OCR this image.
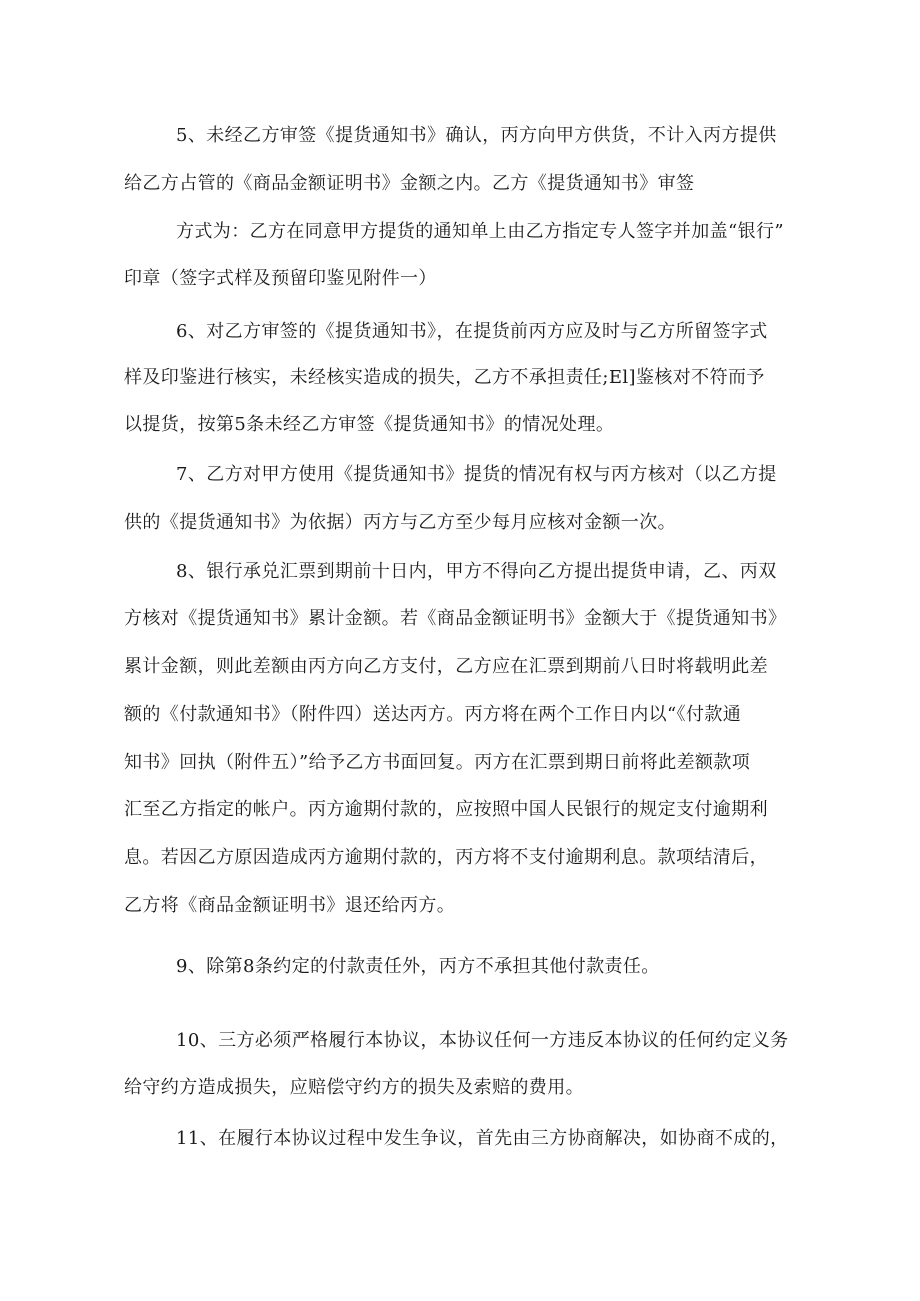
5、未经乙方审签《提货通知书》确认，丙方向甲方供货，不计入丙方提供
给乙方占管的《商品金额证明书》金额之内。乙方《提货通知书》审签
方式为：乙方在同意甲方提货的通知单上由乙方指定专人签字并加盖“银行”
印章（签字式样及预留印鉴见附件一）
6、对乙方审签的《提货通知书》，在提货前丙方应及时与乙方所留签字式
样及印鉴进行核实，未经核实造成的损失，乙方不承担责任;El]鉴核对不符而予
以提货，按第5条未经乙方审签《提货通知书》的情况处理。
7、乙方对甲方使用《提货通知书》提货的情况有权与丙方核对（以乙方提
供的《提货通知书》为依据）丙方与乙方至少每月应核对金额一次。
8、银行承兑汇票到期前十日内，甲方不得向乙方提出提货申请，乙、丙双
方核对《提货通知书》累计金额。若《商品金额证明书》金额大于《提货通知书》
累计金额，则此差额由丙方向乙方支付，乙方应在汇票到期前八日时将载明此差
额的《付款通知书》（附件四）送达丙方。丙方将在两个工作日内以“《付款通
知书》回执（附件五）”给予乙方书面回复。丙方在汇票到期日前将此差额款项
汇至乙方指定的帐户。丙方逾期付款的，应按照中国人民银行的规定支付逾期利
息。若因乙方原因造成丙方逾期付款的，丙方将不支付逾期利息。款项结清后，
乙方将《商品金额证明书》退还给丙方。
9、除第8条约定的付款责任外，丙方不承担其他付款责任。
10、三方必须严格履行本协议，本协议任何一方违反本协议的任何约定义务
给守约方造成损失，应赔偿守约方的损失及索赔的费用。
11、在履行本协议过程中发生争议，首先由三方协商解决，如协商不成的，
